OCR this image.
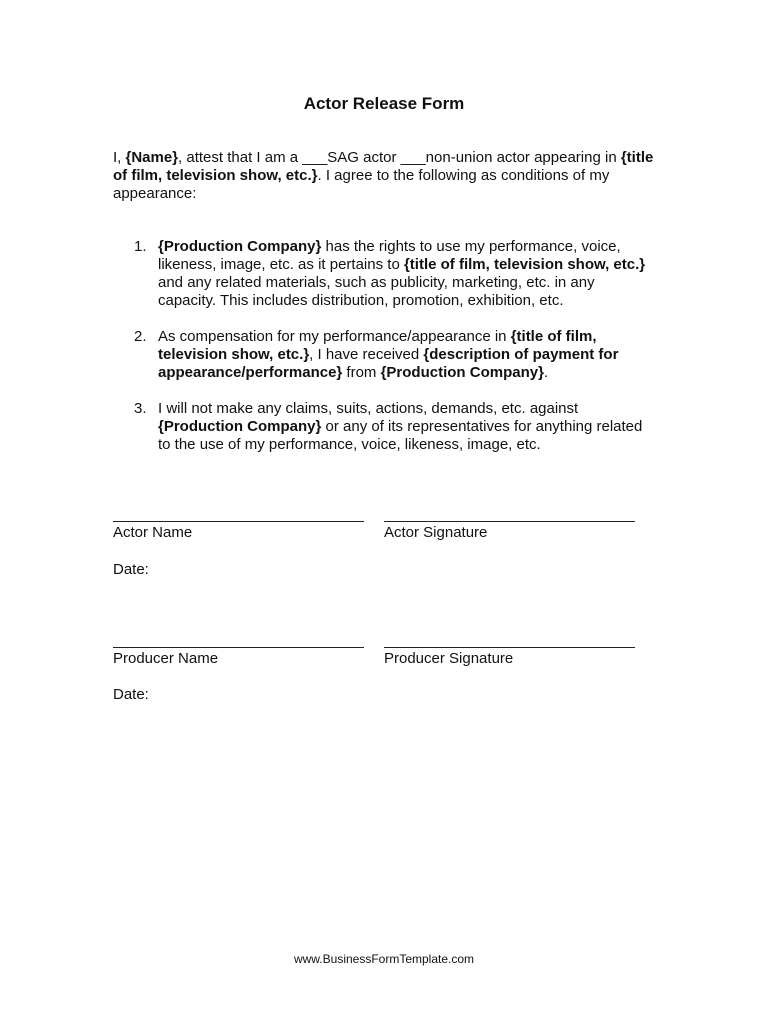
Actor Release Form
I, {Name}, attest that I am a ___SAG actor ___non-union actor appearing in {title of film, television show, etc.}. I agree to the following as conditions of my appearance:
1. {Production Company} has the rights to use my performance, voice, likeness, image, etc. as it pertains to {title of film, television show, etc.} and any related materials, such as publicity, marketing, etc. in any capacity. This includes distribution, promotion, exhibition, etc.
2. As compensation for my performance/appearance in {title of film, television show, etc.}, I have received {description of payment for appearance/performance} from {Production Company}.
3. I will not make any claims, suits, actions, demands, etc. against {Production Company} or any of its representatives for anything related to the use of my performance, voice, likeness, image, etc.
Actor Name	Actor Signature
Date:
Producer Name	Producer Signature
Date:
www.BusinessFormTemplate.com
